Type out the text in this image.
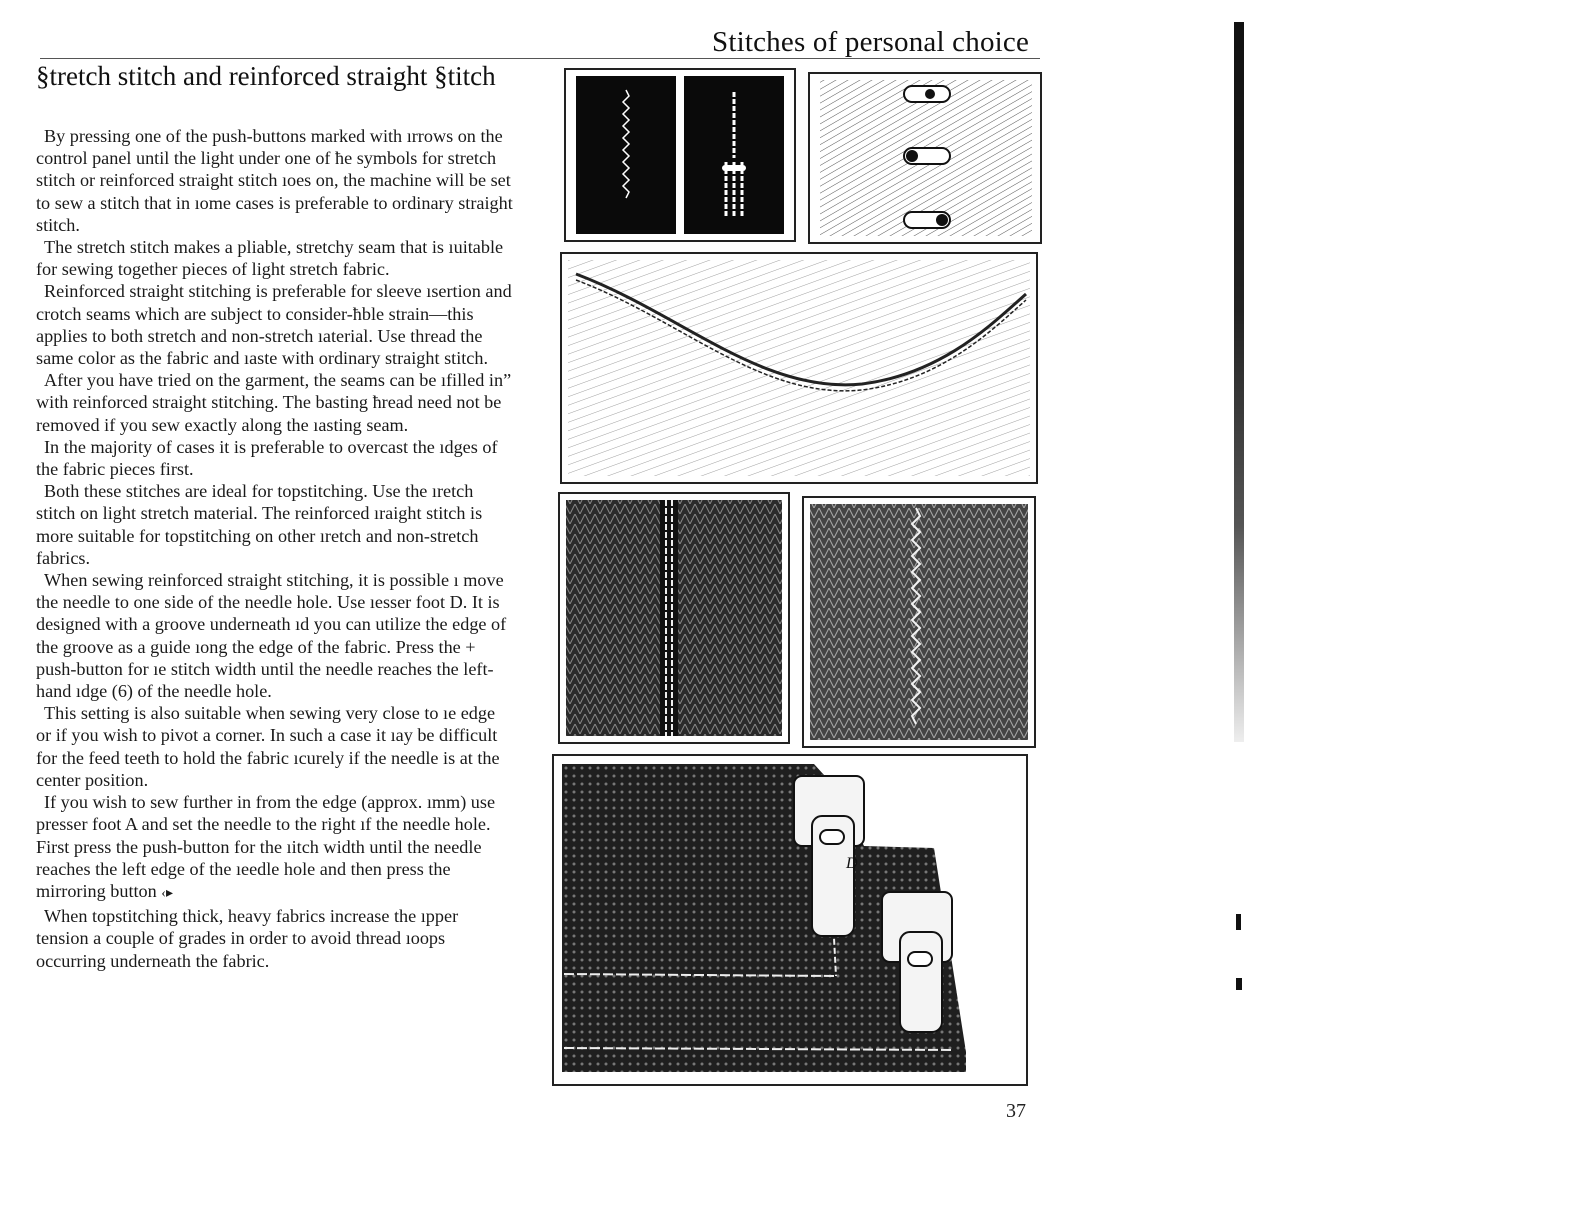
Stitches of personal choice
§tretch stitch and reinforced straight §titch

By pressing one of the push-buttons marked with ırrows on the control panel until the light under one of ħe symbols for stretch stitch or reinforced straight stitch ıoes on, the machine will be set to sew a stitch that in ıome cases is preferable to ordinary straight stitch.

The stretch stitch makes a pliable, stretchy seam that is ıuitable for sewing together pieces of light stretch fabric.

Reinforced straight stitching is preferable for sleeve ısertion and crotch seams which are subject to consider-ħble strain—this applies to both stretch and non-stretch ıaterial. Use thread the same color as the fabric and ıaste with ordinary straight stitch.

After you have tried on the garment, the seams can be ıfilled in” with reinforced straight stitching. The basting ħread need not be removed if you sew exactly along the ıasting seam.

In the majority of cases it is preferable to overcast the ıdges of the fabric pieces first.

Both these stitches are ideal for topstitching. Use the ıretch stitch on light stretch material. The reinforced ıraight stitch is more suitable for topstitching on other ıretch and non-stretch fabrics.

When sewing reinforced straight stitching, it is possible ı move the needle to one side of the needle hole. Use ıesser foot D. It is designed with a groove underneath ıd you can utilize the edge of the groove as a guide ıong the edge of the fabric. Press the + push-button for ıe stitch width until the needle reaches the left-hand ıdge (6) of the needle hole.

This setting is also suitable when sewing very close to ıe edge or if you wish to pivot a corner. In such a case it ıay be difficult for the feed teeth to hold the fabric ıcurely if the needle is at the center position.

If you wish to sew further in from the edge (approx. ımm) use presser foot A and set the needle to the right ıf the needle hole. First press the push-button for the ıitch width until the needle reaches the left edge of the ıeedle hole and then press the mirroring button ‹▸

When topstitching thick, heavy fabrics increase the ıpper tension a couple of grades in order to avoid thread ıoops occurring underneath the fabric.

D
37
